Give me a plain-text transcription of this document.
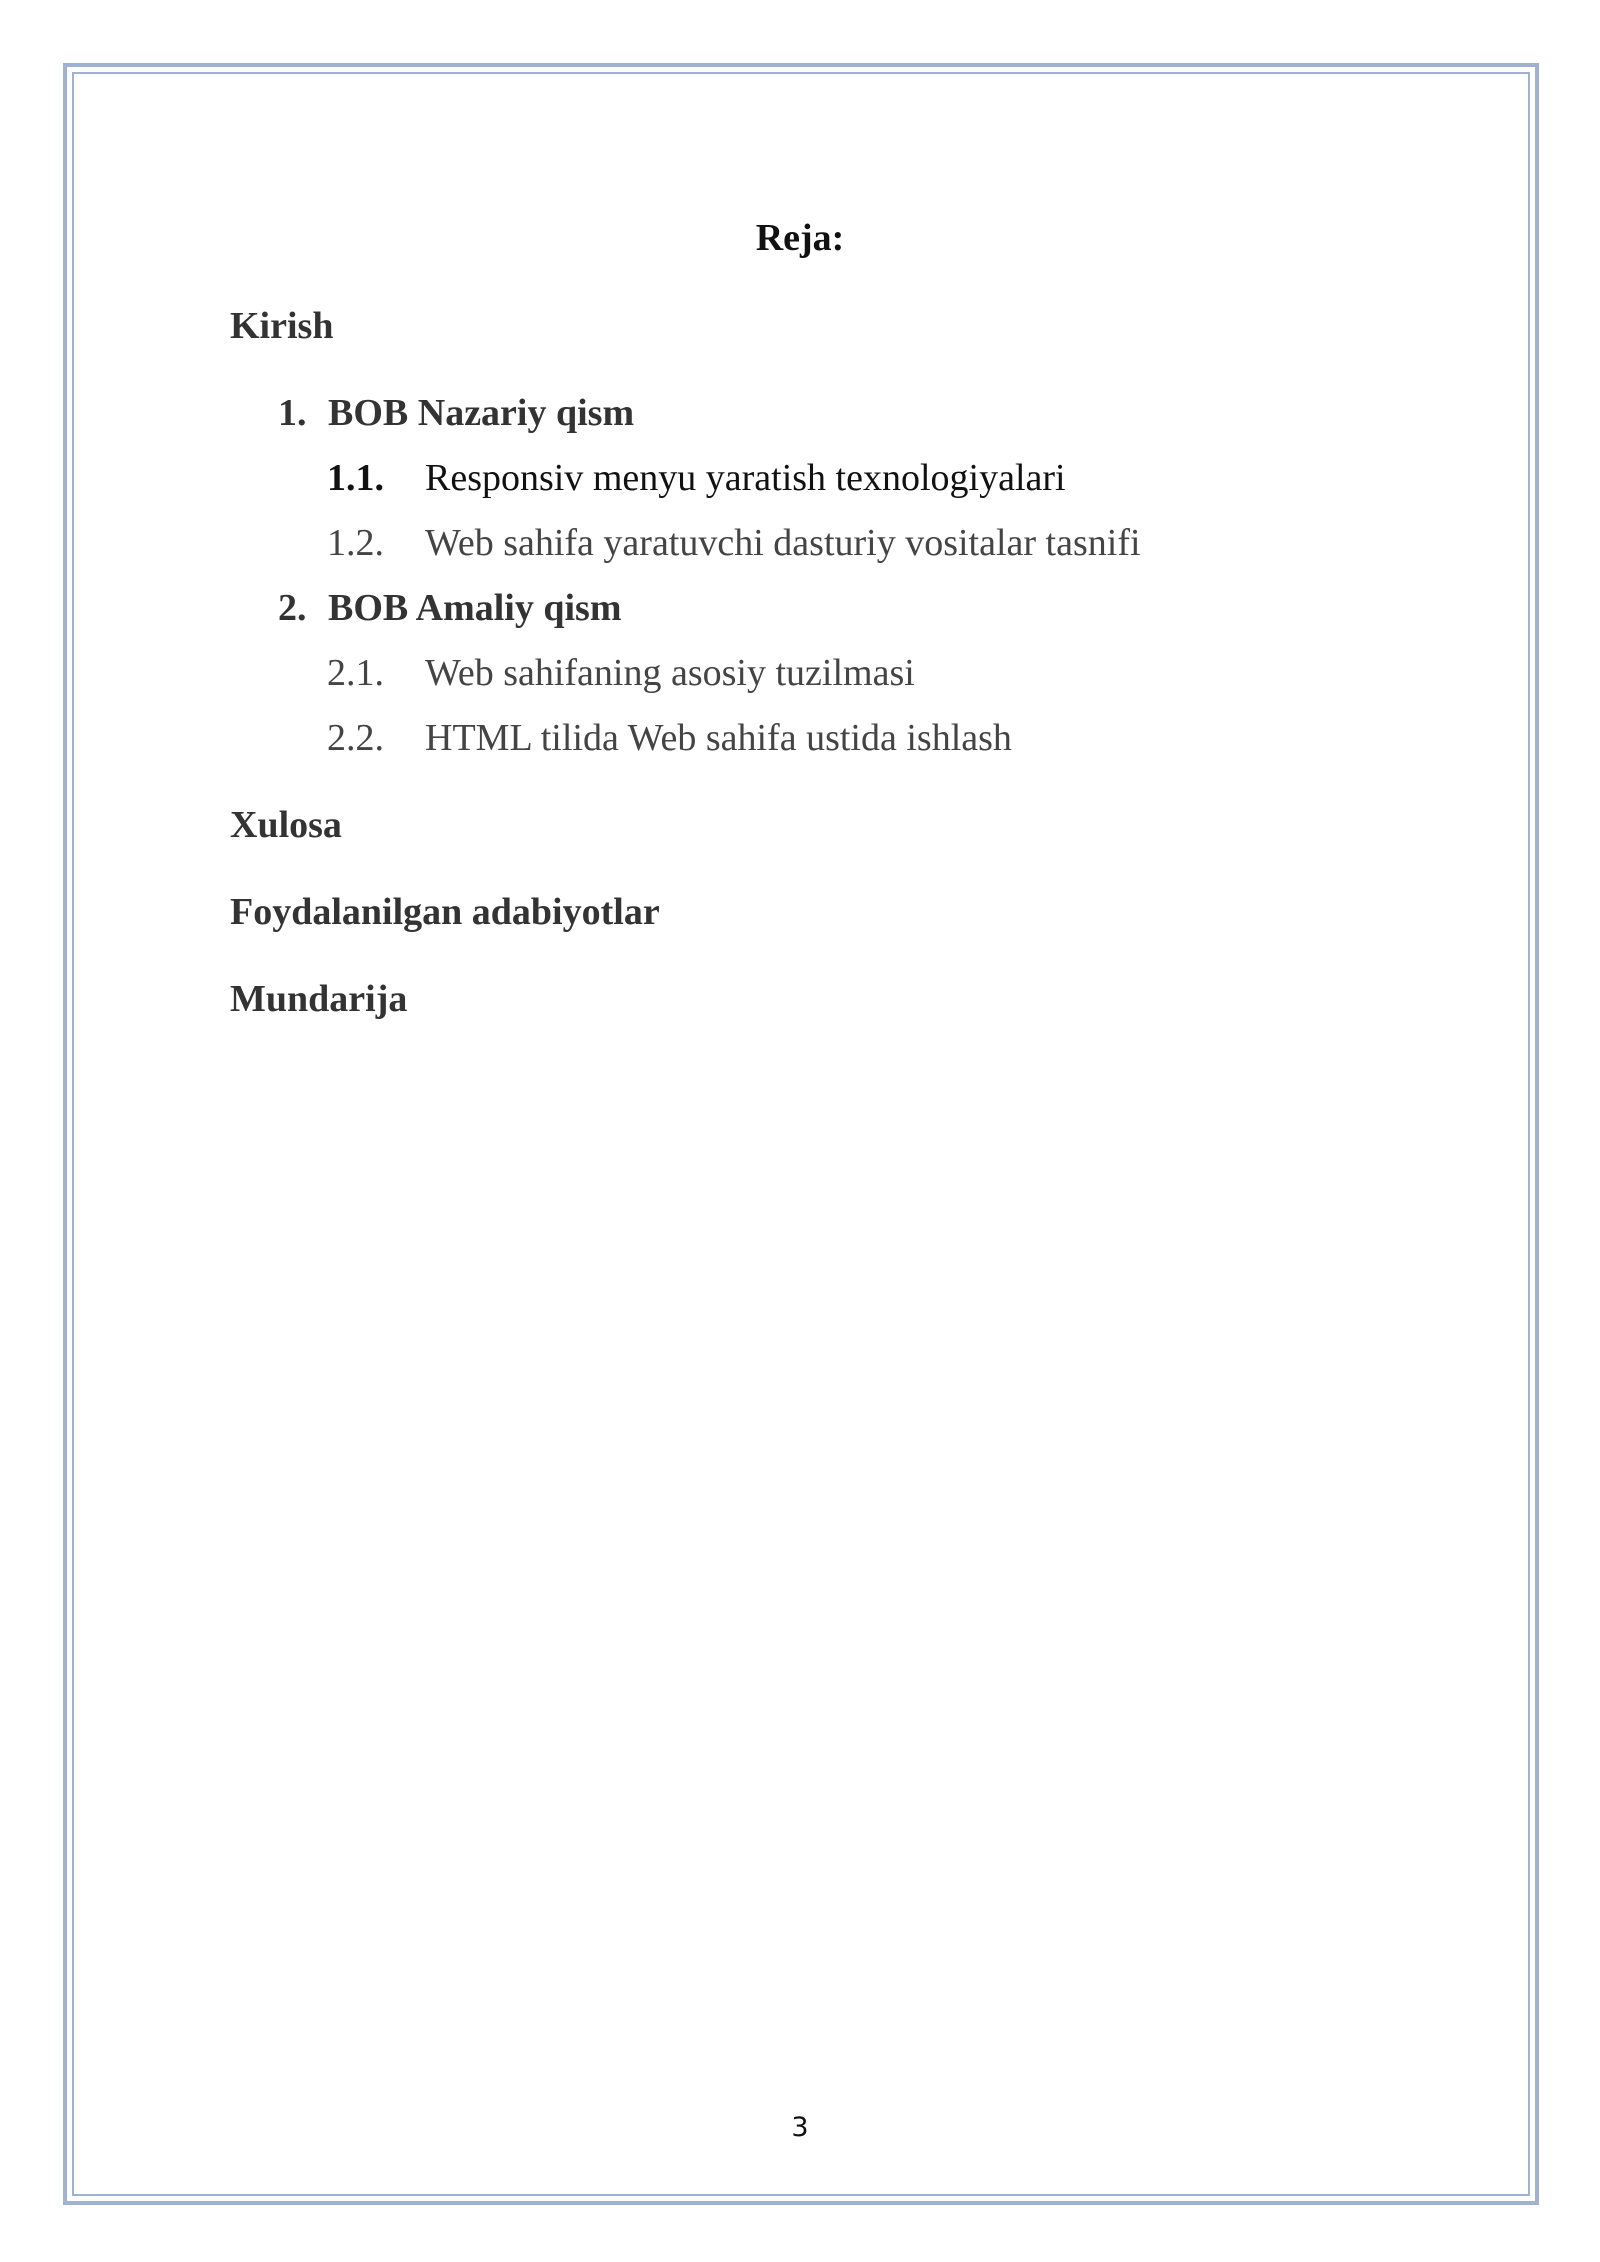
Reja:
Kirish
1. BOB Nazariy qism
1.1. Responsiv menyu yaratish texnologiyalari
1.2. Web sahifa yaratuvchi dasturiy vositalar tasnifi
2. BOB Amaliy qism
2.1. Web sahifaning asosiy tuzilmasi
2.2. HTML tilida Web sahifa ustida ishlash
Xulosa
Foydalanilgan adabiyotlar
Mundarija
3
